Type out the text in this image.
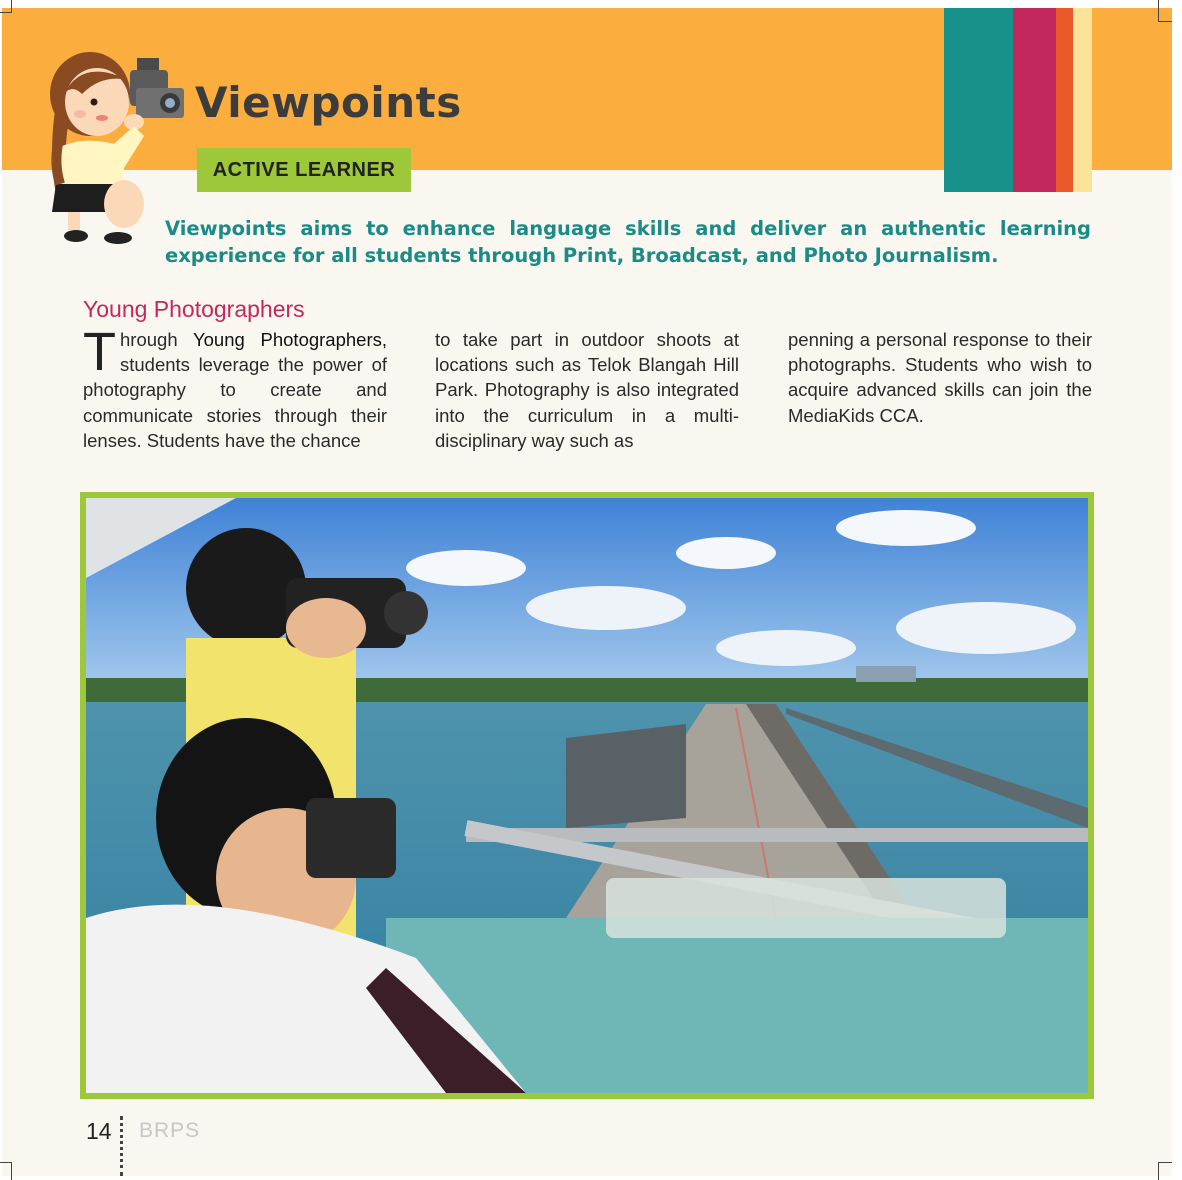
Viewpoints
ACTIVE LEARNER
Viewpoints aims to enhance language skills and deliver an authentic learning experience for all students through Print, Broadcast, and Photo Journalism.
Young Photographers
Through Young Photographers, students leverage the power of photography to create and communicate stories through their lenses. Students have the chance
to take part in outdoor shoots at locations such as Telok Blangah Hill Park. Photography is also integrated into the curriculum in a multi-disciplinary way such as
penning a personal response to their photographs. Students who wish to acquire advanced skills can join the MediaKids CCA.
14 BRPS
